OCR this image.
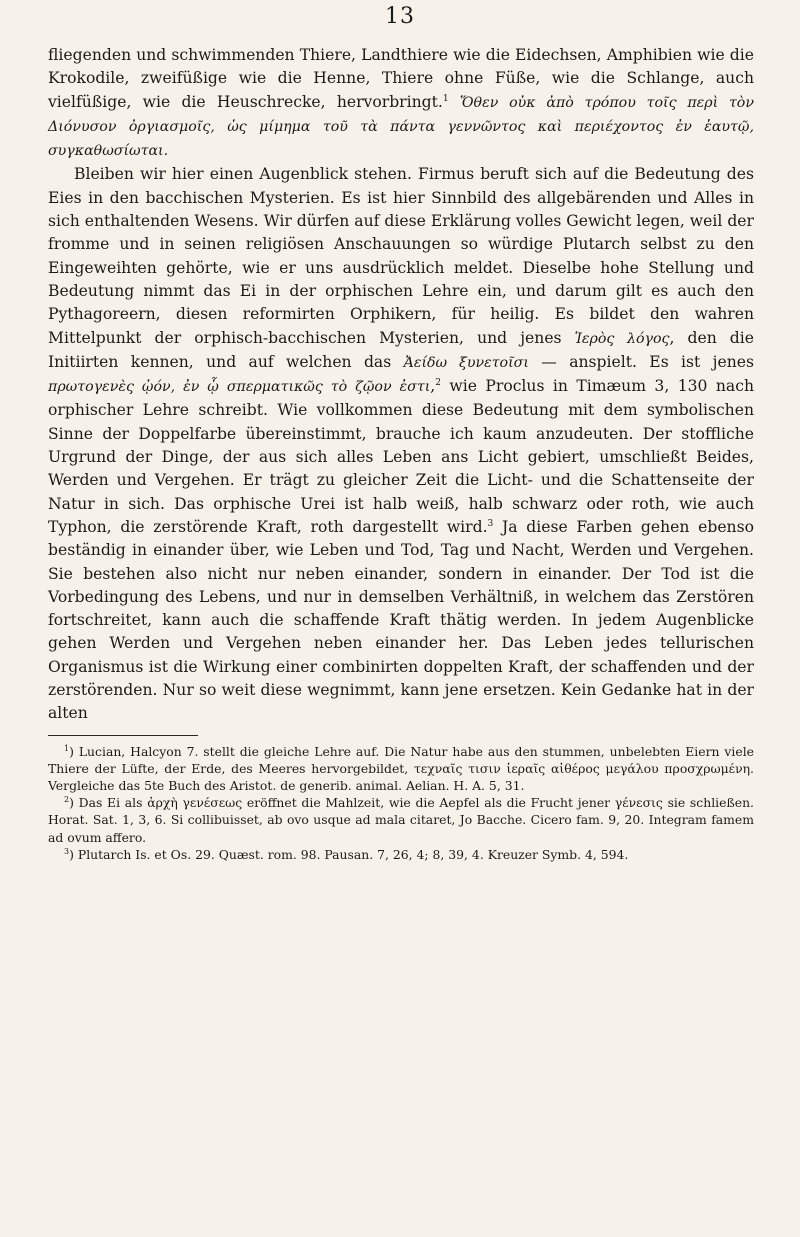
13

fliegenden und schwimmenden Thiere, Landthiere wie die Eidechsen, Amphibien wie die Krokodile, zweifüßige wie die Henne, Thiere ohne Füße, wie die Schlange, auch vielfüßige, wie die Heuschrecke, hervorbringt.$^1$ Ὅθεν οὐκ ἀπὸ τρόπου τοῖς περὶ τὸν Διόνυσον ὀργιασμοῖς, ὡς μίμημα τοῦ τὰ πάντα γεννῶντος καὶ περιέχοντος ἐν ἑαυτῷ, συγκαθωσίωται.

Bleiben wir hier einen Augenblick stehen. Firmus beruft sich auf die Bedeutung des Eies in den bacchischen Mysterien. Es ist hier Sinnbild des allgebärenden und Alles in sich enthaltenden Wesens. Wir dürfen auf diese Erklärung volles Gewicht legen, weil der fromme und in seinen religiösen Anschauungen so würdige Plutarch selbst zu den Eingeweihten gehörte, wie er uns ausdrücklich meldet. Dieselbe hohe Stellung und Bedeutung nimmt das Ei in der orphischen Lehre ein, und darum gilt es auch den Pythagoreern, diesen reformirten Orphikern, für heilig. Es bildet den wahren Mittelpunkt der orphisch-bacchischen Mysterien, und jenes Ἱερὸς λόγος, den die Initiirten kennen, und auf welchen das Ἀείδω ξυνετοῖσι — anspielt. Es ist jenes πρωτογενὲς ᾠόν, ἐν ᾧ σπερματικῶς τὸ ζῷον ἐστι,$^2$ wie Proclus in Timæum 3, 130 nach orphischer Lehre schreibt. Wie vollkommen diese Bedeutung mit dem symbolischen Sinne der Doppelfarbe übereinstimmt, brauche ich kaum anzudeuten. Der stoffliche Urgrund der Dinge, der aus sich alles Leben ans Licht gebiert, umschließt Beides, Werden und Vergehen. Er trägt zu gleicher Zeit die Licht- und die Schattenseite der Natur in sich. Das orphische Urei ist halb weiß, halb schwarz oder roth, wie auch Typhon, die zerstörende Kraft, roth dargestellt wird.$^3$ Ja diese Farben gehen ebenso beständig in einander über, wie Leben und Tod, Tag und Nacht, Werden und Vergehen. Sie bestehen also nicht nur neben einander, sondern in einander. Der Tod ist die Vorbedingung des Lebens, und nur in demselben Verhältniß, in welchem das Zerstören fortschreitet, kann auch die schaffende Kraft thätig werden. In jedem Augenblicke gehen Werden und Vergehen neben einander her. Das Leben jedes tellurischen Organismus ist die Wirkung einer combinirten doppelten Kraft, der schaffenden und der zerstörenden. Nur so weit diese wegnimmt, kann jene ersetzen. Kein Gedanke hat in der alten

$^1$) Lucian, Halcyon 7. stellt die gleiche Lehre auf. Die Natur habe aus den stummen, unbelebten Eiern viele Thiere der Lüfte, der Erde, des Meeres hervorgebildet, τεχναῖς τισιν ἱεραῖς αἰθέρος μεγάλου προσχρωμένη. Vergleiche das 5te Buch des Aristot. de generib. animal. Aelian. H. A. 5, 31.

$^2$) Das Ei als ἀρχὴ γενέσεως eröffnet die Mahlzeit, wie die Aepfel als die Frucht jener γένεσις sie schließen. Horat. Sat. 1, 3, 6. Si collibuisset, ab ovo usque ad mala citaret, Jo Bacche. Cicero fam. 9, 20. Integram famem ad ovum affero.

$^3$) Plutarch Is. et Os. 29. Quæst. rom. 98. Pausan. 7, 26, 4; 8, 39, 4. Kreuzer Symb. 4, 594.
